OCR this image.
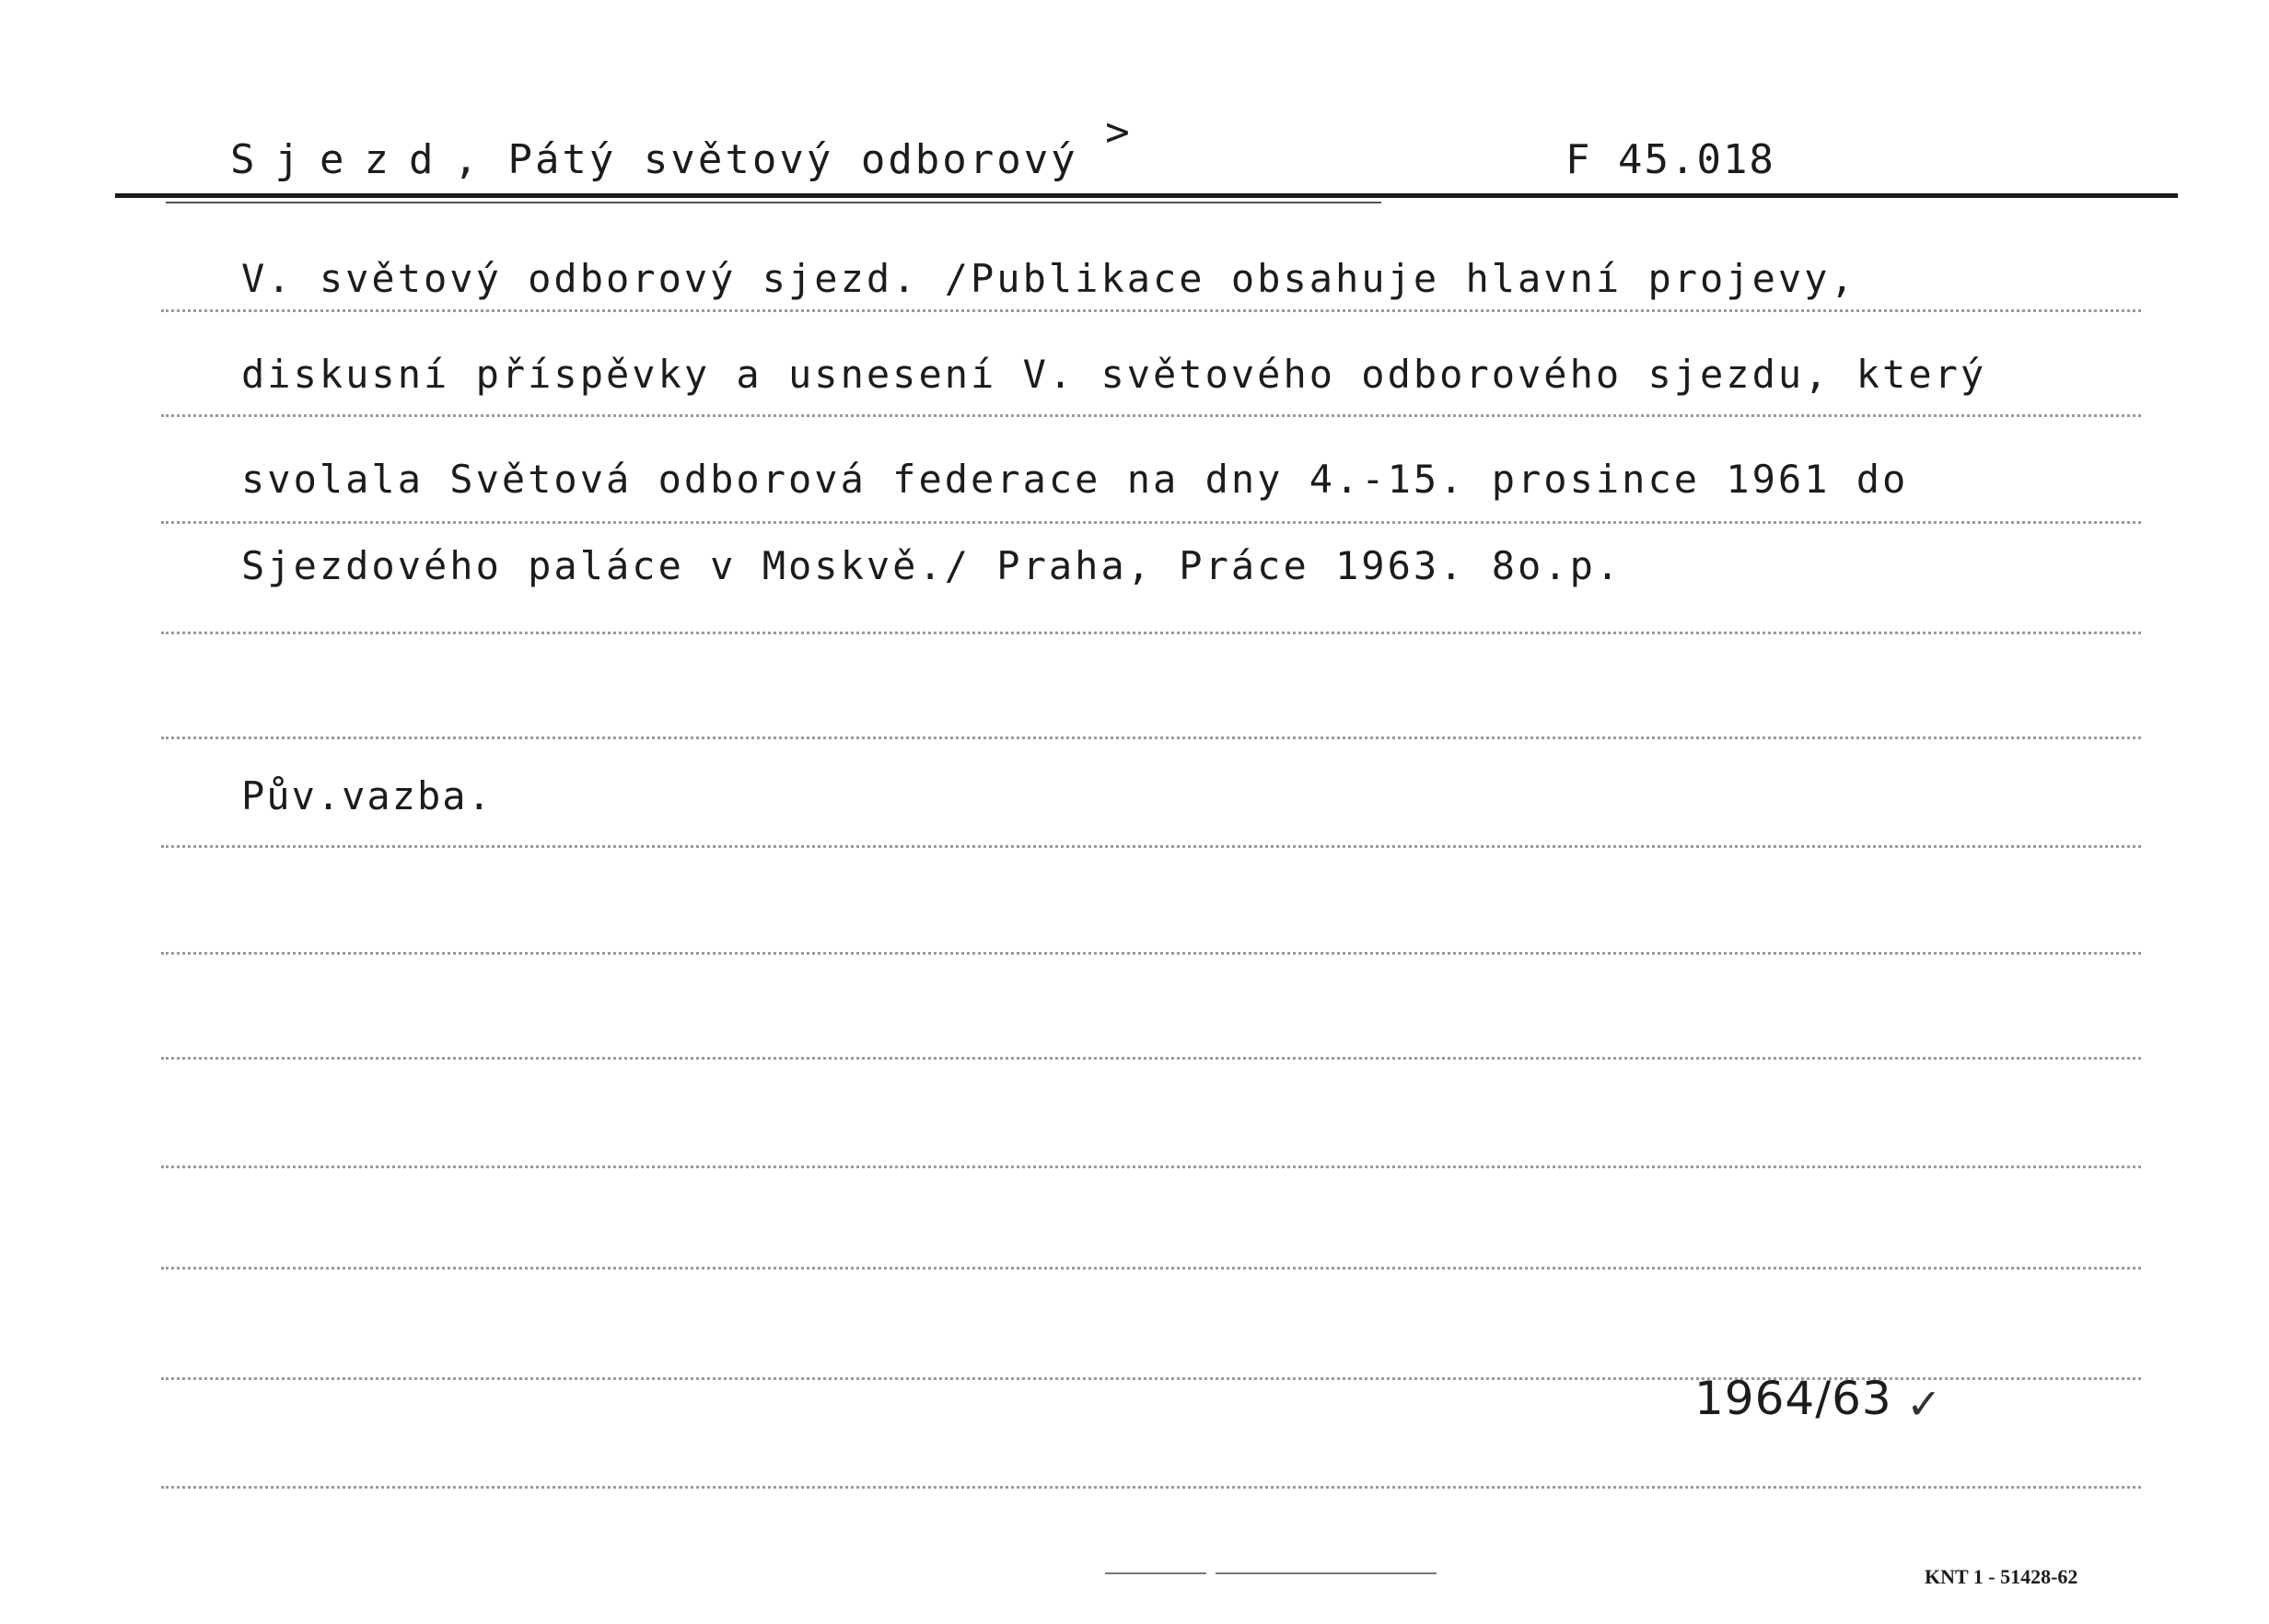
Sjezd, Pátý světový odborový >
F 45.018
V. světový odborový sjezd. /Publikace obsahuje hlavní projevy,
diskusní příspěvky a usnesení V. světového odborového sjezdu, který
svolala Světová odborová federace na dny 4.-15. prosince 1961 do
Sjezdového paláce v Moskvě./ Praha, Práce 1963. 8o.p.
Pův.vazba.
1964/63 ✓
KNT 1 - 51428-62
